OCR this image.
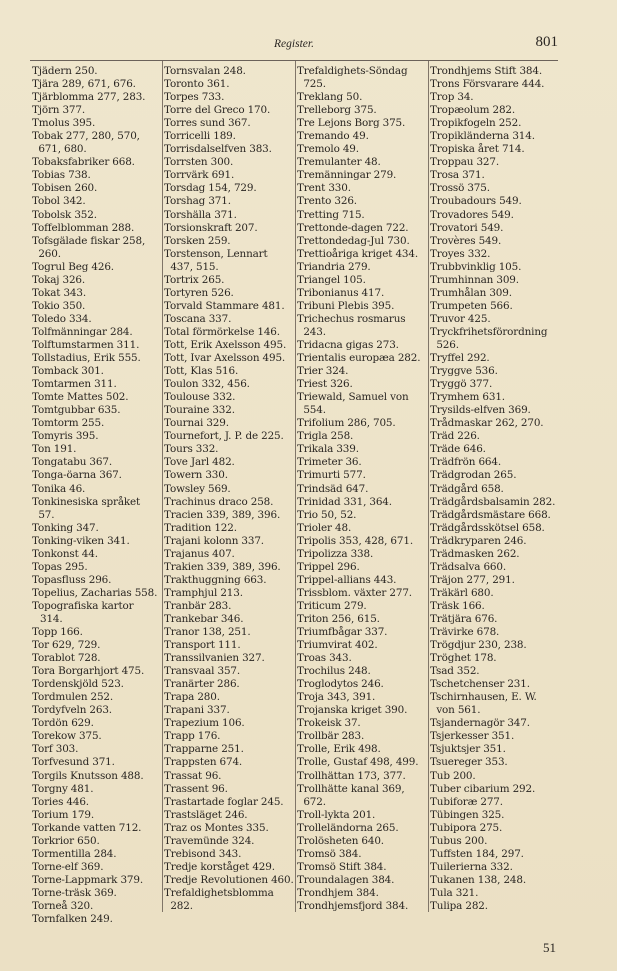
Register.	801
Tjädern 250.
Tjära 289, 671, 676.
Tjärblomma 277, 283.
Tjörn 377.
Tmolus 395.
Tobak 277, 280, 570,
671, 680.
Tobaksfabriker 668.
Tobias 738.
Tobisen 260.
Tobol 342.
Tobolsk 352.
Toffelblomman 288.
Tofsgälade fiskar 258,
260.
Togrul Beg 426.
Tokaj 326.
Tokat 343.
Tokio 350.
Toledo 334.
Tolfmänningar 284.
Tolftumstarmen 311.
Tollstadius, Erik 555.
Tomback 301.
Tomtarmen 311.
Tomte Mattes 502.
Tomtgubbar 635.
Tomtorm 255.
Tomyris 395.
Ton 191.
Tongatabu 367.
Tonga-öarna 367.
Tonika 46.
Tonkinesiska språket
57.
Tonking 347.
Tonking-viken 341.
Tonkonst 44.
Topas 295.
Topasfluss 296.
Topelius, Zacharias 558.
Topografiska kartor 314.
Topp 166.
Tor 629, 729.
Torablot 728.
Tora Borgarhjort 475.
Tordenskjöld 523.
Tordmulen 252.
Tordyfveln 263.
Tordön 629.
Torekow 375.
Torf 303.
Torfvesund 371.
Torgils Knutsson 488.
Torgny 481.
Tories 446.
Torium 179.
Torkande vatten 712.
Torkrior 650.
Tormentilla 284.
Torne-elf 369.
Torne-Lappmark 379.
Torne-träsk 369.
Torneå 320.
Tornfalken 249.
Tornsvalan 248.
Toronto 361.
Torpes 733.
Torre del Greco 170.
Torres sund 367.
Torricelli 189.
Torrisdalselfven 383.
Torrsten 300.
Torrvärk 691.
Torsdag 154, 729.
Torshag 371.
Torshälla 371.
Torsionskraft 207.
Torsken 259.
Torstenson, Lennart
437, 515.
Tortrix 265.
Tortyren 526.
Torvald Stammare 481.
Toscana 337.
Total förmörkelse 146.
Tott, Erik Axelsson 495.
Tott, Ivar Axelsson 495.
Tott, Klas 516.
Toulon 332, 456.
Toulouse 332.
Touraine 332.
Tournai 329.
Tournefort, J. P. de 225.
Tours 332.
Tove Jarl 482.
Towern 330.
Towsley 569.
Trachinus draco 258.
Tracien 339, 389, 396.
Tradition 122.
Trajani kolonn 337.
Trajanus 407.
Trakien 339, 389, 396.
Trakthuggning 663.
Tramphjul 213.
Tranbär 283.
Trankebar 346.
Tranor 138, 251.
Transport 111.
Transsilvanien 327.
Transvaal 357.
Tranärter 286.
Trapa 280.
Trapani 337.
Trapezium 106.
Trapp 176.
Trapparne 251.
Trappsten 674.
Trassat 96.
Trassent 96.
Trastartade foglar 245.
Trastsläget 246.
Traz os Montes 335.
Travemünde 324.
Trebisond 343.
Tredje korståget 429.
Tredje Revolutionen 460.
Trefaldighetsblomma
282.
Trefaldighets-Söndag
725.
Treklang 50.
Trelleborg 375.
Tre Lejons Borg 375.
Tremando 49.
Tremolo 49.
Tremulanter 48.
Tremänningar 279.
Trent 330.
Trento 326.
Tretting 715.
Trettonde-dagen 722.
Trettondedag-Jul 730.
Trettioåriga kriget 434.
Triandria 279.
Triangel 105.
Tribonianus 417.
Tribuni Plebis 395.
Trichechus rosmarus
243.
Tridacna gigas 273.
Trientalis europæa 282.
Trier 324.
Triest 326.
Triewald, Samuel von
554.
Trifolium 286, 705.
Trigla 258.
Trikala 339.
Trimeter 36.
Trimurti 577.
Trindsäd 647.
Trinidad 331, 364.
Trio 50, 52.
Trioler 48.
Tripolis 353, 428, 671.
Tripolizza 338.
Trippel 296.
Trippel-allians 443.
Trissblom. växter 277.
Triticum 279.
Triton 256, 615.
Triumfbågar 337.
Triumvirat 402.
Troas 343.
Trochilus 248.
Troglodytos 246.
Troja 343, 391.
Trojanska kriget 390.
Trokeisk 37.
Trollbär 283.
Trolle, Erik 498.
Trolle, Gustaf 498, 499.
Trollhättan 173, 377.
Trollhätte kanal 369,
672.
Troll-lykta 201.
Trolleländorna 265.
Trolösheten 640.
Tromsö 384.
Tromsö Stift 384.
Troundalagen 384.
Trondhjem 384.
Trondhjemsfjord 384.
Trondhjems Stift 384.
Trons Försvarare 444.
Trop 34.
Tropæolum 282.
Tropikfogeln 252.
Tropikländerna 314.
Tropiska året 714.
Troppau 327.
Trosa 371.
Trossö 375.
Troubadours 549.
Trovadores 549.
Trovatori 549.
Trovères 549.
Troyes 332.
Trubbvinklig 105.
Trumhinnan 309.
Trumhålan 309.
Trumpeten 566.
Truvor 425.
Tryckfrihetsförordning
526.
Tryffel 292.
Tryggve 536.
Tryggö 377.
Trymhem 631.
Trysilds-elfven 369.
Trådmaskar 262, 270.
Träd 226.
Träde 646.
Trädfrön 664.
Trädgrodan 265.
Trädgård 658.
Trädgårdsbalsamin 282.
Trädgårdsmästare 668.
Trädgårdsskötsel 658.
Trädkryparen 246.
Trädmasken 262.
Trädsalva 660.
Träjon 277, 291.
Träkärl 680.
Träsk 166.
Trätjära 676.
Trävirke 678.
Trögdjur 230, 238.
Tröghet 178.
Tsad 352.
Tschetchenser 231.
Tschirnhausen, E. W.
von 561.
Tsjandernagör 347.
Tsjerkesser 351.
Tsjuktsjer 351.
Tsuereger 353.
Tub 200.
Tuber cibarium 292.
Tubiforæ 277.
Tübingen 325.
Tubipora 275.
Tubus 200.
Tuffsten 184, 297.
Tuilerierna 332.
Tukanen 138, 248.
Tula 321.
Tulipa 282.
51
